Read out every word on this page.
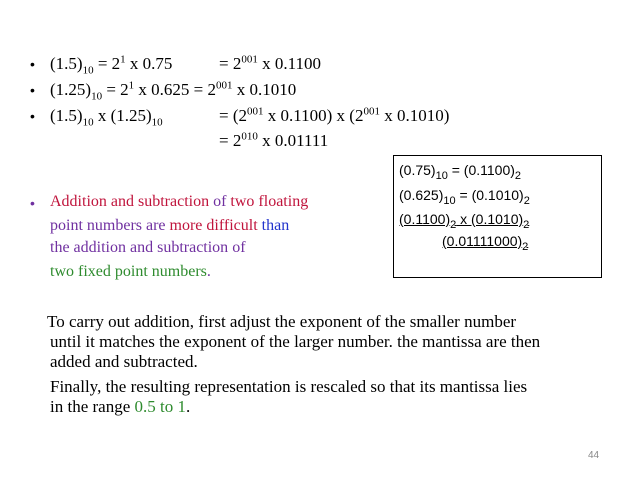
• $(1.5)_{10} = 2^1$ x 0.75	= $2^{001}$ x 0.1100
• $(1.25)_{10} = 2^1$ x $0.625 = 2^{001}$ x 0.1010
• $(1.5)_{10}$ x $(1.25)_{10}$	= ($2^{001}$ x 0.1100) x ($2^{001}$ x 0.1010)
= $2^{010}$ x 0.01111
$(0.75)_{10} = (0.1100)_2$
$(0.625)_{10} = (0.1010)_2$
$(0.1100)_2$ x $(0.1010)_2$
$(0.01111000)_2$
• Addition and subtraction of two floating
point numbers are more difficult than
the addition and subtraction of
two fixed point numbers.
To carry out addition, first adjust the exponent of the smaller number
until it matches the exponent of the larger number. the mantissa are then
added and subtracted.
Finally, the resulting representation is rescaled so that its mantissa lies
in the range 0.5 to 1.
44
